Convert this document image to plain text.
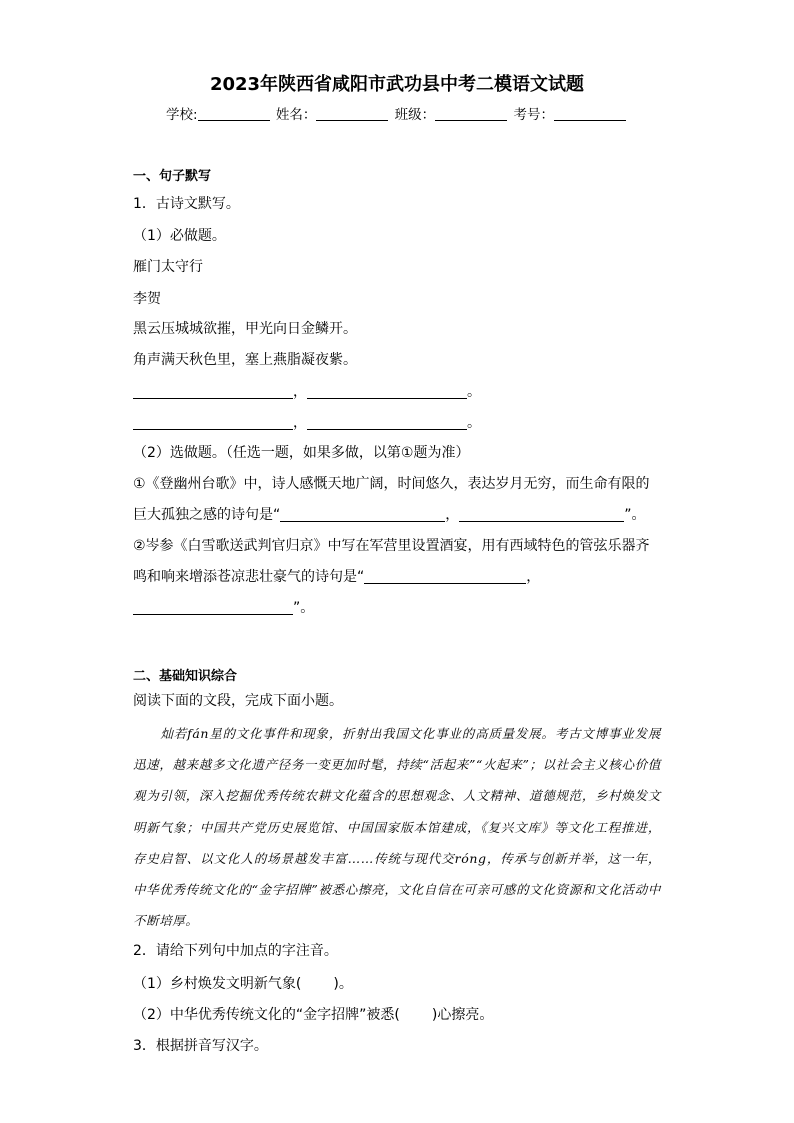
2023年陕西省咸阳市武功县中考二模语文试题
学校:	姓名：	班级：	考号：
一、句子默写
1．古诗文默写。
（1）必做题。
雁门太守行
李贺
黑云压城城欲摧，甲光向日金鳞开。
角声满天秋色里，塞上燕脂凝夜紫。
，	。
，	。
（2）选做题。（任选一题，如果多做，以第①题为准）
①《登幽州台歌》中，诗人感慨天地广阔，时间悠久，表达岁月无穷，而生命有限的
巨大孤独之感的诗句是“	，	”。
②岑参《白雪歌送武判官归京》中写在军营里设置酒宴，用有西域特色的管弦乐器齐
鸣和响来增添苍凉悲壮豪气的诗句是“	，
”。
二、基础知识综合
阅读下面的文段，完成下面小题。

灿若fán星的文化事件和现象，折射出我国文化事业的高质量发展。考古文博事业发展迅速，越来越多文化遗产径务一变更加时髦，持续“活起来”“火起来”；以社会主义核心价值观为引领，深入挖掘优秀传统农耕文化蕴含的思想观念、人文精神、道德规范，乡村焕发文明新气象；中国共产党历史展览馆、中国国家版本馆建成，《复兴文库》等文化工程推进，存史启智、以文化人的场景越发丰富……传统与现代交róng，传承与创新并举，这一年，中华优秀传统文化的“金字招牌”被悉心擦亮，文化自信在可亲可感的文化资源和文化活动中不断培厚。

2．请给下列句中加点的字注音。
（1）乡村焕发文明新气象( )。
（2）中华优秀传统文化的“金字招牌”被悉( )心擦亮。
3．根据拼音写汉字。
